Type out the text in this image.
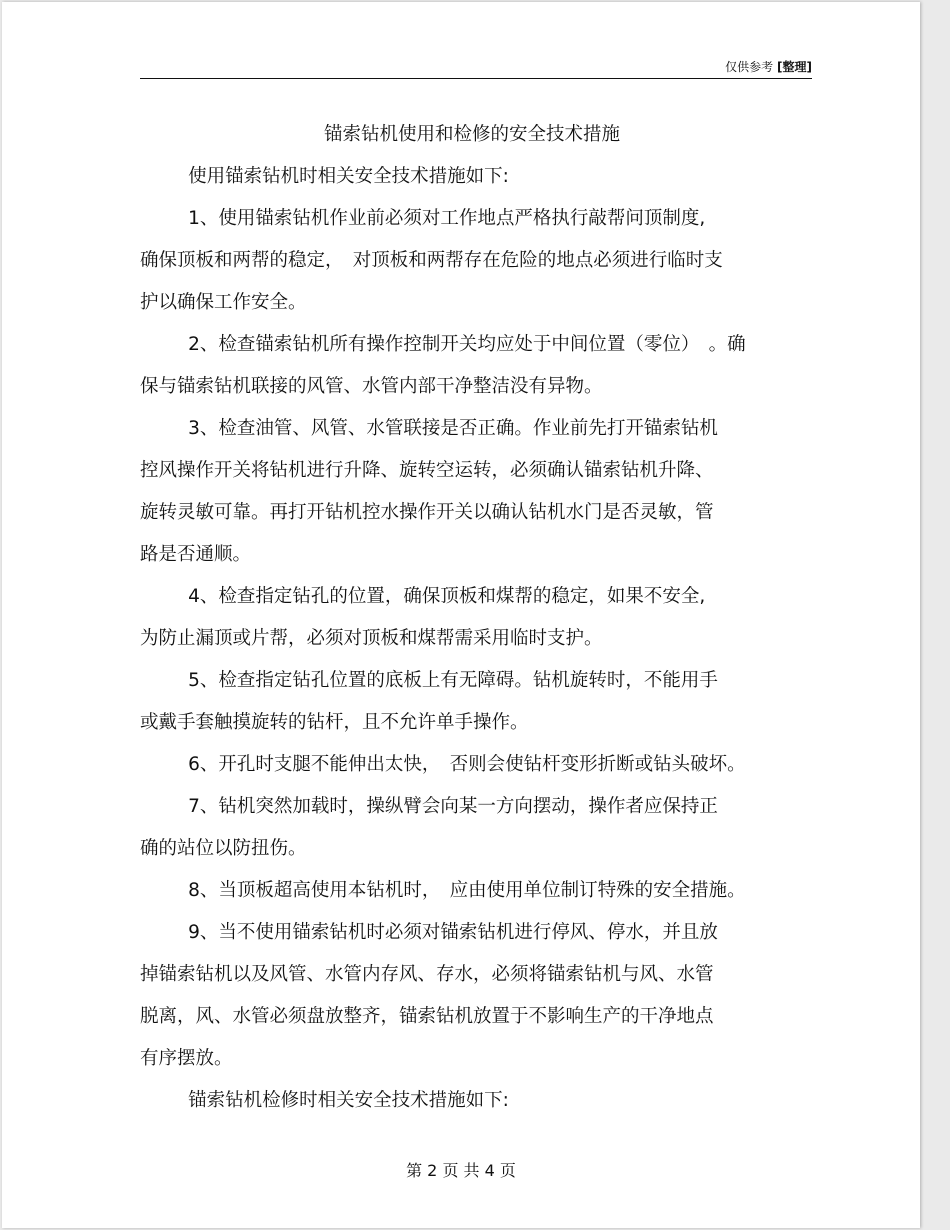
仅供参考 [整理]
锚索钻机使用和检修的安全技术措施
使用锚索钻机时相关安全技术措施如下:
1、使用锚索钻机作业前必须对工作地点严格执行敲帮问顶制度,
确保顶板和两帮的稳定，　对顶板和两帮存在危险的地点必须进行临时支
护以确保工作安全。
2、检查锚索钻机所有操作控制开关均应处于中间位置（零位）　。确
保与锚索钻机联接的风管、水管内部干净整洁没有异物。
3、检查油管、风管、水管联接是否正确。作业前先打开锚索钻机
控风操作开关将钻机进行升降、旋转空运转，必须确认锚索钻机升降、
旋转灵敏可靠。再打开钻机控水操作开关以确认钻机水门是否灵敏，管
路是否通顺。
4、检查指定钻孔的位置，确保顶板和煤帮的稳定，如果不安全,
为防止漏顶或片帮，必须对顶板和煤帮需采用临时支护。
5、检查指定钻孔位置的底板上有无障碍。钻机旋转时，不能用手
或戴手套触摸旋转的钻杆，且不允许单手操作。
6、开孔时支腿不能伸出太快，　否则会使钻杆变形折断或钻头破坏。
7、钻机突然加载时，操纵臂会向某一方向摆动，操作者应保持正
确的站位以防扭伤。
8、当顶板超高使用本钻机时，　应由使用单位制订特殊的安全措施。
9、当不使用锚索钻机时必须对锚索钻机进行停风、停水，并且放
掉锚索钻机以及风管、水管内存风、存水，必须将锚索钻机与风、水管
脱离，风、水管必须盘放整齐，锚索钻机放置于不影响生产的干净地点
有序摆放。
锚索钻机检修时相关安全技术措施如下:
第 2 页 共 4 页
